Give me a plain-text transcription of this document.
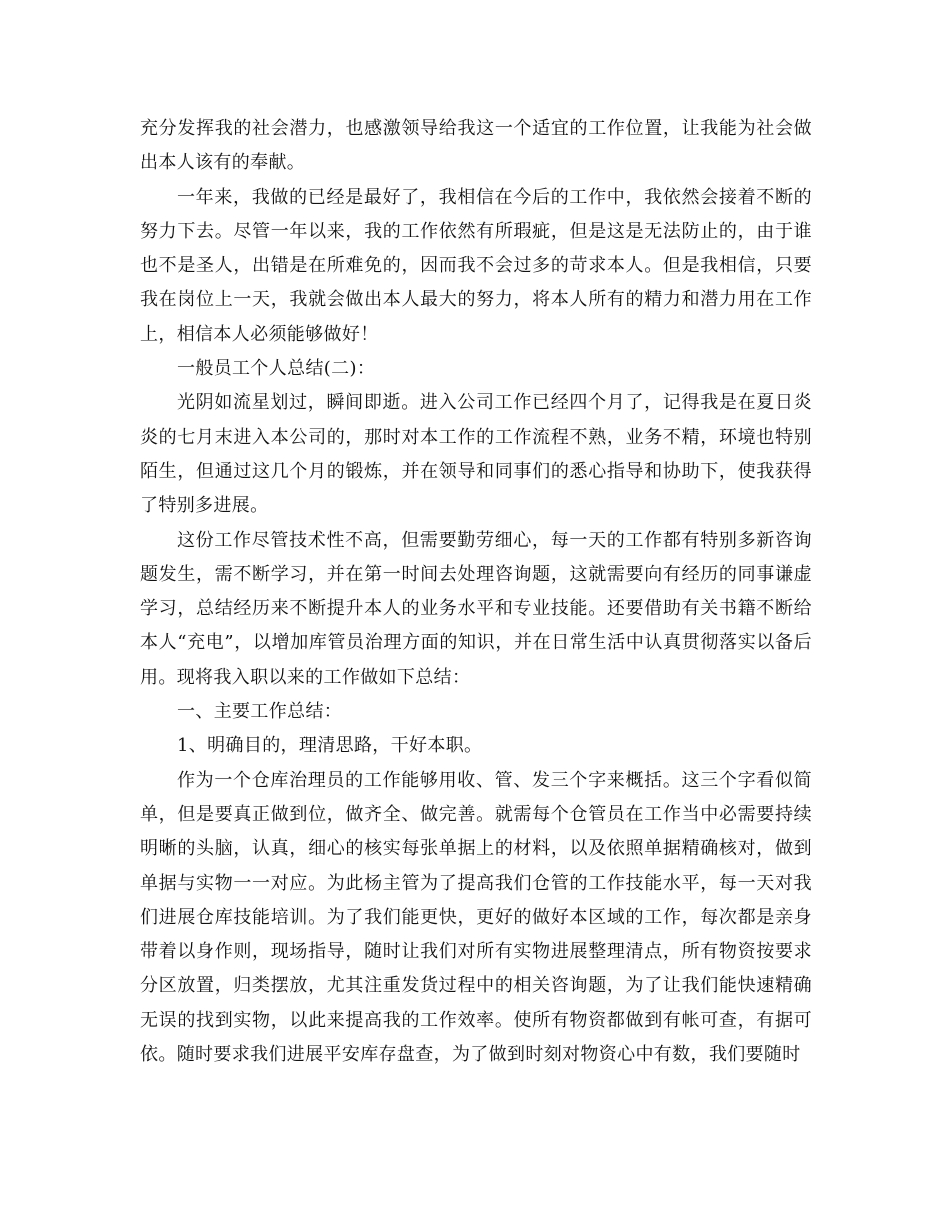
充分发挥我的社会潜力，也感激领导给我这一个适宜的工作位置，让我能为社会做出本人该有的奉献。

一年来，我做的已经是最好了，我相信在今后的工作中，我依然会接着不断的努力下去。尽管一年以来，我的工作依然有所瑕疵，但是这是无法防止的，由于谁也不是圣人，出错是在所难免的，因而我不会过多的苛求本人。但是我相信，只要我在岗位上一天，我就会做出本人最大的努力，将本人所有的精力和潜力用在工作上，相信本人必须能够做好！

一般员工个人总结(二)：

光阴如流星划过，瞬间即逝。进入公司工作已经四个月了，记得我是在夏日炎炎的七月末进入本公司的，那时对本工作的工作流程不熟，业务不精，环境也特别陌生，但通过这几个月的锻炼，并在领导和同事们的悉心指导和协助下，使我获得了特别多进展。

这份工作尽管技术性不高，但需要勤劳细心，每一天的工作都有特别多新咨询题发生，需不断学习，并在第一时间去处理咨询题，这就需要向有经历的同事谦虚学习，总结经历来不断提升本人的业务水平和专业技能。还要借助有关书籍不断给本人“充电”，以增加库管员治理方面的知识，并在日常生活中认真贯彻落实以备后用。现将我入职以来的工作做如下总结：

一、主要工作总结：

1、明确目的，理清思路，干好本职。

作为一个仓库治理员的工作能够用收、管、发三个字来概括。这三个字看似简单，但是要真正做到位，做齐全、做完善。就需每个仓管员在工作当中必需要持续明晰的头脑，认真，细心的核实每张单据上的材料，以及依照单据精确核对，做到单据与实物一一对应。为此杨主管为了提高我们仓管的工作技能水平，每一天对我们进展仓库技能培训。为了我们能更快，更好的做好本区域的工作，每次都是亲身带着以身作则，现场指导，随时让我们对所有实物进展整理清点，所有物资按要求分区放置，归类摆放，尤其注重发货过程中的相关咨询题，为了让我们能快速精确无误的找到实物，以此来提高我的工作效率。使所有物资都做到有帐可查，有据可依。随时要求我们进展平安库存盘查，为了做到时刻对物资心中有数，我们要随时
